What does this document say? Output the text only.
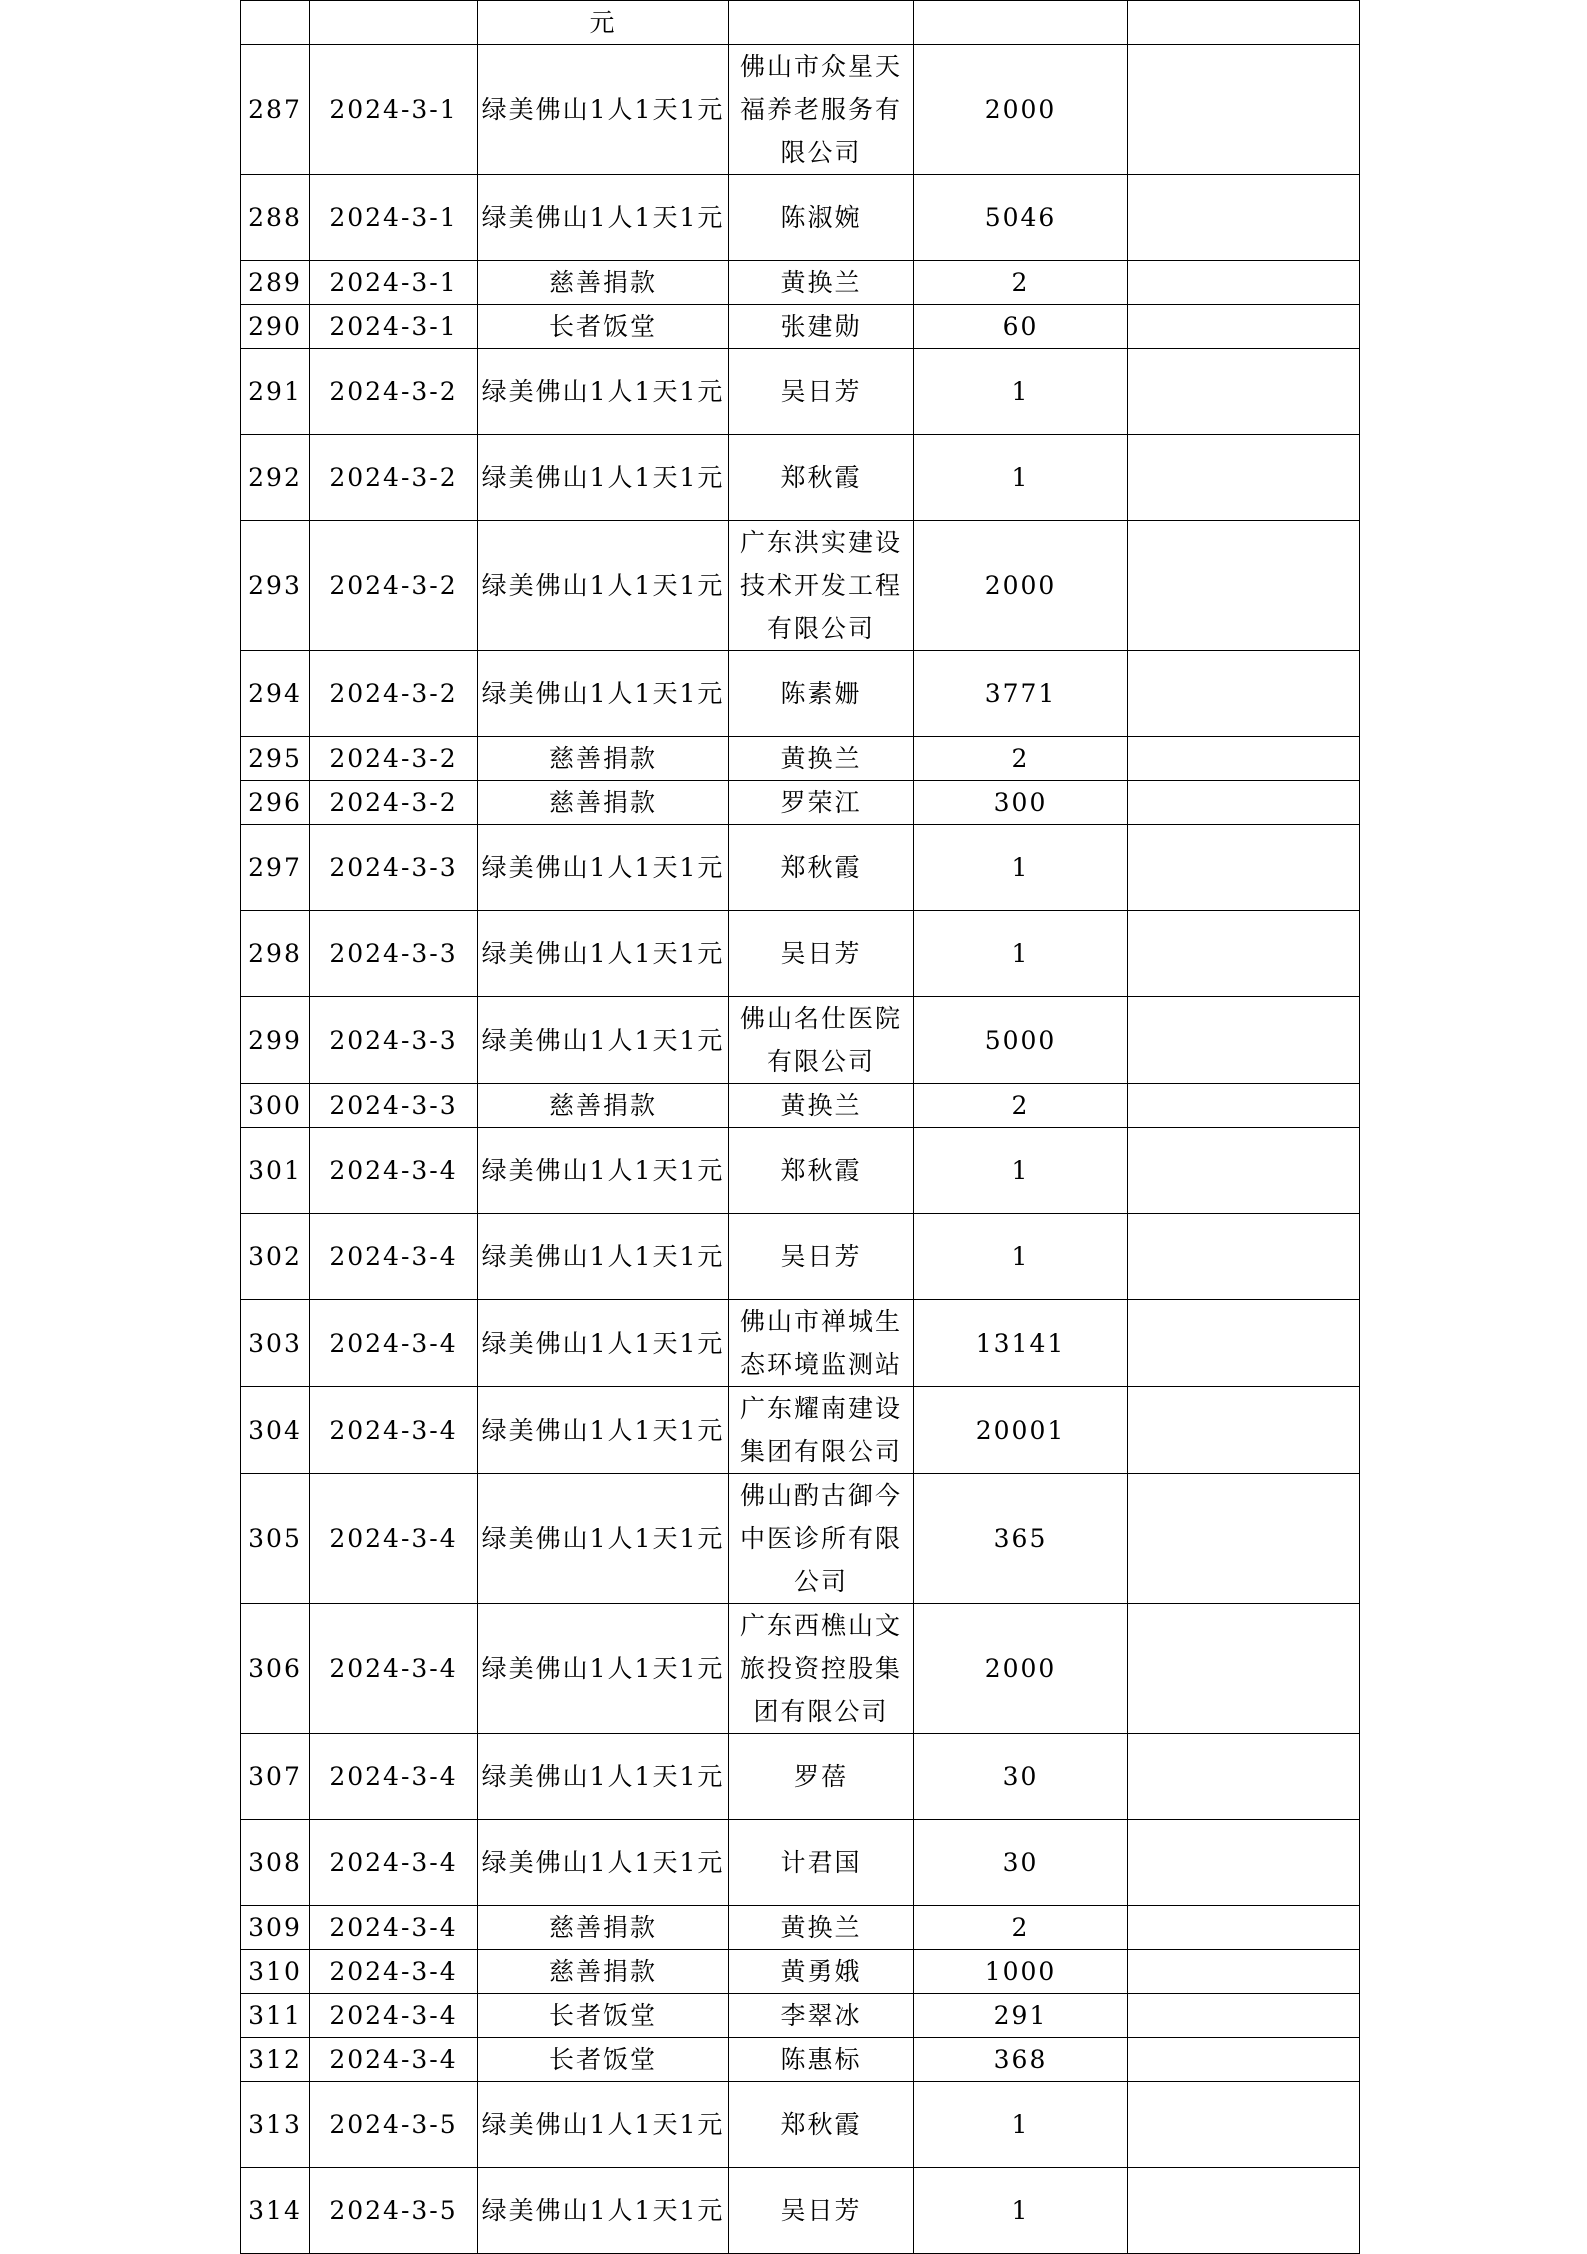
		元			
287	2024-3-1	绿美佛山1人1天1元	佛山市众星天福养老服务有限公司	2000	
288	2024-3-1	绿美佛山1人1天1元	陈淑婉	5046	
289	2024-3-1	慈善捐款	黄换兰	2	
290	2024-3-1	长者饭堂	张建勋	60	
291	2024-3-2	绿美佛山1人1天1元	吴日芳	1	
292	2024-3-2	绿美佛山1人1天1元	郑秋霞	1	
293	2024-3-2	绿美佛山1人1天1元	广东洪实建设技术开发工程有限公司	2000	
294	2024-3-2	绿美佛山1人1天1元	陈素姗	3771	
295	2024-3-2	慈善捐款	黄换兰	2	
296	2024-3-2	慈善捐款	罗荣江	300	
297	2024-3-3	绿美佛山1人1天1元	郑秋霞	1	
298	2024-3-3	绿美佛山1人1天1元	吴日芳	1	
299	2024-3-3	绿美佛山1人1天1元	佛山名仕医院有限公司	5000	
300	2024-3-3	慈善捐款	黄换兰	2	
301	2024-3-4	绿美佛山1人1天1元	郑秋霞	1	
302	2024-3-4	绿美佛山1人1天1元	吴日芳	1	
303	2024-3-4	绿美佛山1人1天1元	佛山市禅城生态环境监测站	13141	
304	2024-3-4	绿美佛山1人1天1元	广东耀南建设集团有限公司	20001	
305	2024-3-4	绿美佛山1人1天1元	佛山酌古御今中医诊所有限公司	365	
306	2024-3-4	绿美佛山1人1天1元	广东西樵山文旅投资控股集团有限公司	2000	
307	2024-3-4	绿美佛山1人1天1元	罗蓓	30	
308	2024-3-4	绿美佛山1人1天1元	计君国	30	
309	2024-3-4	慈善捐款	黄换兰	2	
310	2024-3-4	慈善捐款	黄勇娥	1000	
311	2024-3-4	长者饭堂	李翠冰	291	
312	2024-3-4	长者饭堂	陈惠标	368	
313	2024-3-5	绿美佛山1人1天1元	郑秋霞	1	
314	2024-3-5	绿美佛山1人1天1元	吴日芳	1	
